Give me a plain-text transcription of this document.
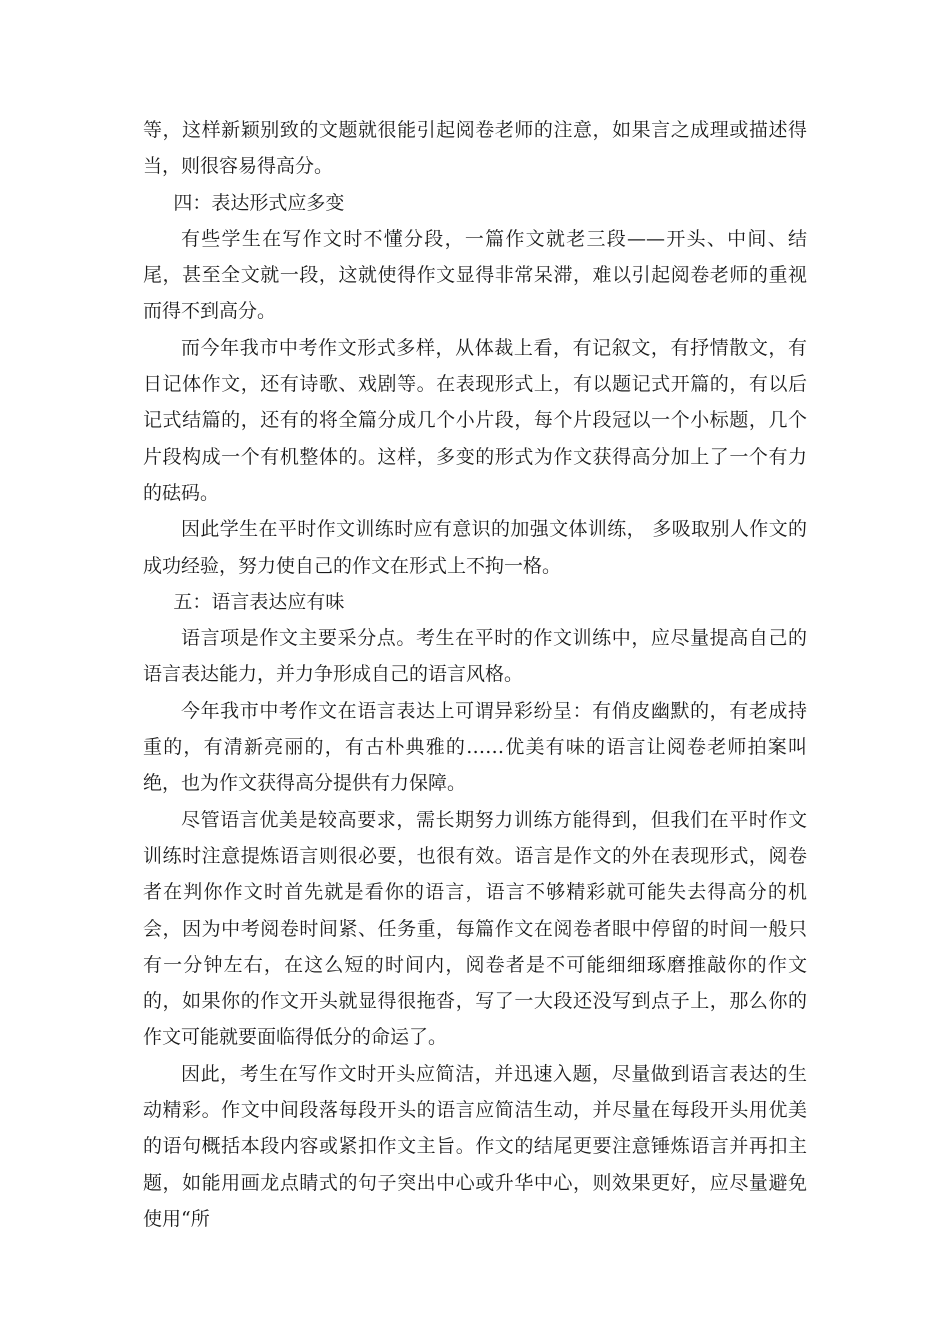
等，这样新颖别致的文题就很能引起阅卷老师的注意，如果言之成理或描述得当，则很容易得高分。

四：表达形式应多变

有些学生在写作文时不懂分段，一篇作文就老三段——开头、中间、结尾，甚至全文就一段，这就使得作文显得非常呆滞，难以引起阅卷老师的重视而得不到高分。

而今年我市中考作文形式多样，从体裁上看，有记叙文，有抒情散文，有日记体作文，还有诗歌、戏剧等。在表现形式上，有以题记式开篇的，有以后记式结篇的，还有的将全篇分成几个小片段，每个片段冠以一个小标题，几个片段构成一个有机整体的。这样，多变的形式为作文获得高分加上了一个有力的砝码。

因此学生在平时作文训练时应有意识的加强文体训练， 多吸取别人作文的成功经验，努力使自己的作文在形式上不拘一格。

五：语言表达应有味

语言项是作文主要采分点。考生在平时的作文训练中，应尽量提高自己的语言表达能力，并力争形成自己的语言风格。

今年我市中考作文在语言表达上可谓异彩纷呈：有俏皮幽默的，有老成持重的，有清新亮丽的，有古朴典雅的……优美有味的语言让阅卷老师拍案叫绝，也为作文获得高分提供有力保障。

尽管语言优美是较高要求，需长期努力训练方能得到，但我们在平时作文训练时注意提炼语言则很必要，也很有效。语言是作文的外在表现形式，阅卷者在判你作文时首先就是看你的语言，语言不够精彩就可能失去得高分的机会，因为中考阅卷时间紧、任务重，每篇作文在阅卷者眼中停留的时间一般只有一分钟左右，在这么短的时间内，阅卷者是不可能细细琢磨推敲你的作文的，如果你的作文开头就显得很拖沓，写了一大段还没写到点子上，那么你的作文可能就要面临得低分的命运了。

因此，考生在写作文时开头应简洁，并迅速入题，尽量做到语言表达的生动精彩。作文中间段落每段开头的语言应简洁生动，并尽量在每段开头用优美的语句概括本段内容或紧扣作文主旨。作文的结尾更要注意锤炼语言并再扣主题，如能用画龙点睛式的句子突出中心或升华中心，则效果更好，应尽量避免使用“所
